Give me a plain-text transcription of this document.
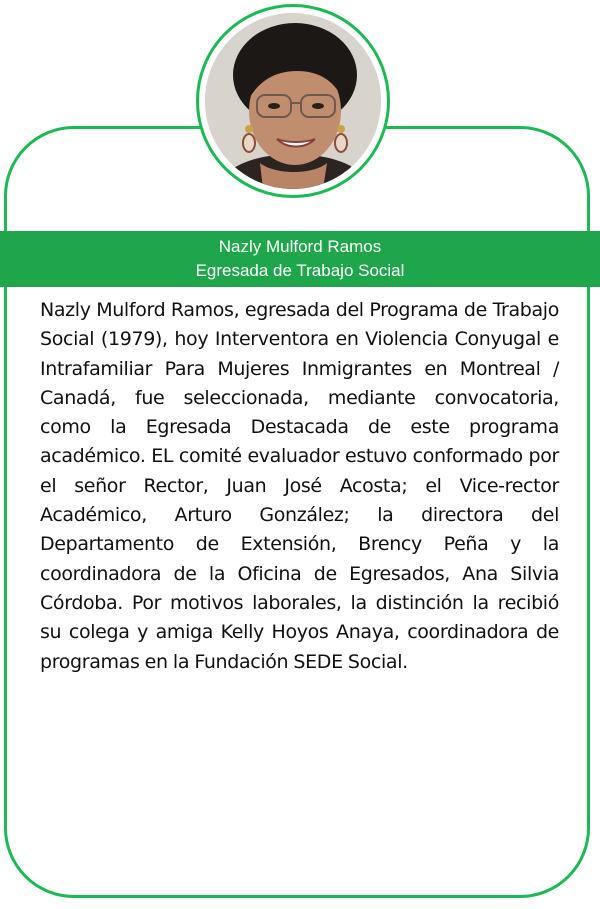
Nazly Mulford Ramos
Egresada de Trabajo Social

Nazly Mulford Ramos, egresada del Programa de Trabajo Social (1979), hoy Interventora en Violencia Conyugal e Intrafamiliar Para Mujeres Inmigrantes en Montreal / Canadá, fue seleccionada, mediante convocatoria, como la Egresada Destacada de este programa académico. EL comité evaluador estuvo conformado por el señor Rector, Juan José Acosta; el Vice-rector Académico, Arturo González; la directora del Departamento de Extensión, Brency Peña y la coordinadora de la Oficina de Egresados, Ana Silvia Córdoba. Por motivos laborales, la distinción la recibió su colega y amiga Kelly Hoyos Anaya, coordinadora de programas en la Fundación SEDE Social.
